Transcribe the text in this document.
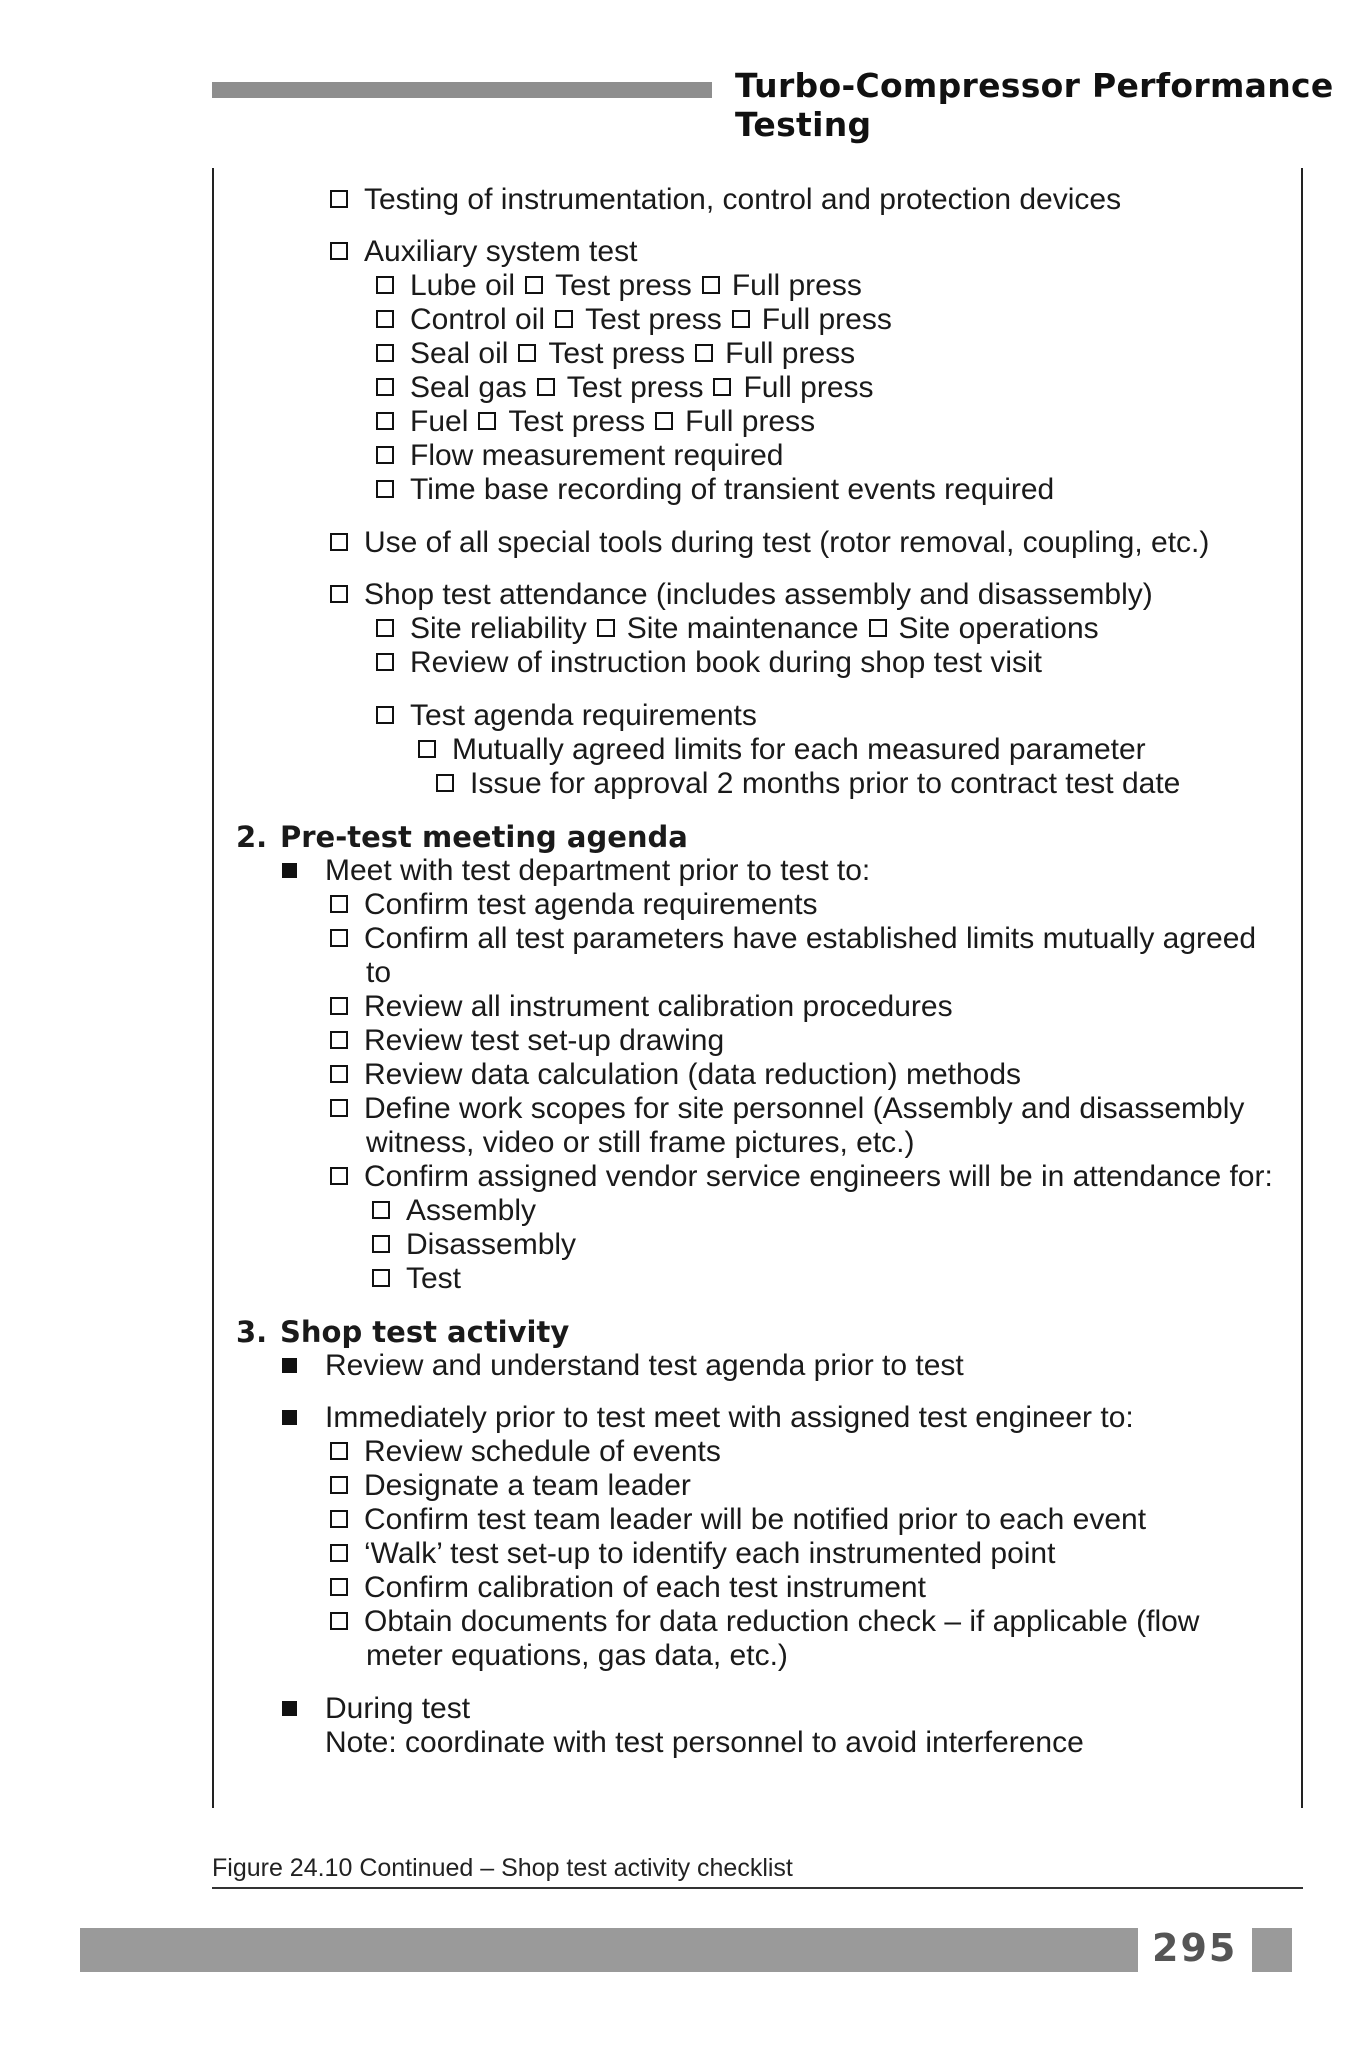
Turbo-Compressor Performance Testing
Testing of instrumentation, control and protection devices
Auxiliary system test
Lube oil Test press Full press
Control oil Test press Full press
Seal oil Test press Full press
Seal gas Test press Full press
Fuel Test press Full press
Flow measurement required
Time base recording of transient events required
Use of all special tools during test (rotor removal, coupling, etc.)
Shop test attendance (includes assembly and disassembly)
Site reliability Site maintenance Site operations
Review of instruction book during shop test visit
Test agenda requirements
Mutually agreed limits for each measured parameter
Issue for approval 2 months prior to contract test date
2. Pre-test meeting agenda
Meet with test department prior to test to:
Confirm test agenda requirements
Confirm all test parameters have established limits mutually agreed
to
Review all instrument calibration procedures
Review test set-up drawing
Review data calculation (data reduction) methods
Define work scopes for site personnel (Assembly and disassembly
witness, video or still frame pictures, etc.)
Confirm assigned vendor service engineers will be in attendance for:
Assembly
Disassembly
Test
3. Shop test activity
Review and understand test agenda prior to test
Immediately prior to test meet with assigned test engineer to:
Review schedule of events
Designate a team leader
Confirm test team leader will be notified prior to each event
‘Walk’ test set-up to identify each instrumented point
Confirm calibration of each test instrument
Obtain documents for data reduction check – if applicable (flow
meter equations, gas data, etc.)
During test
Note: coordinate with test personnel to avoid interference
Figure 24.10 Continued – Shop test activity checklist
295
